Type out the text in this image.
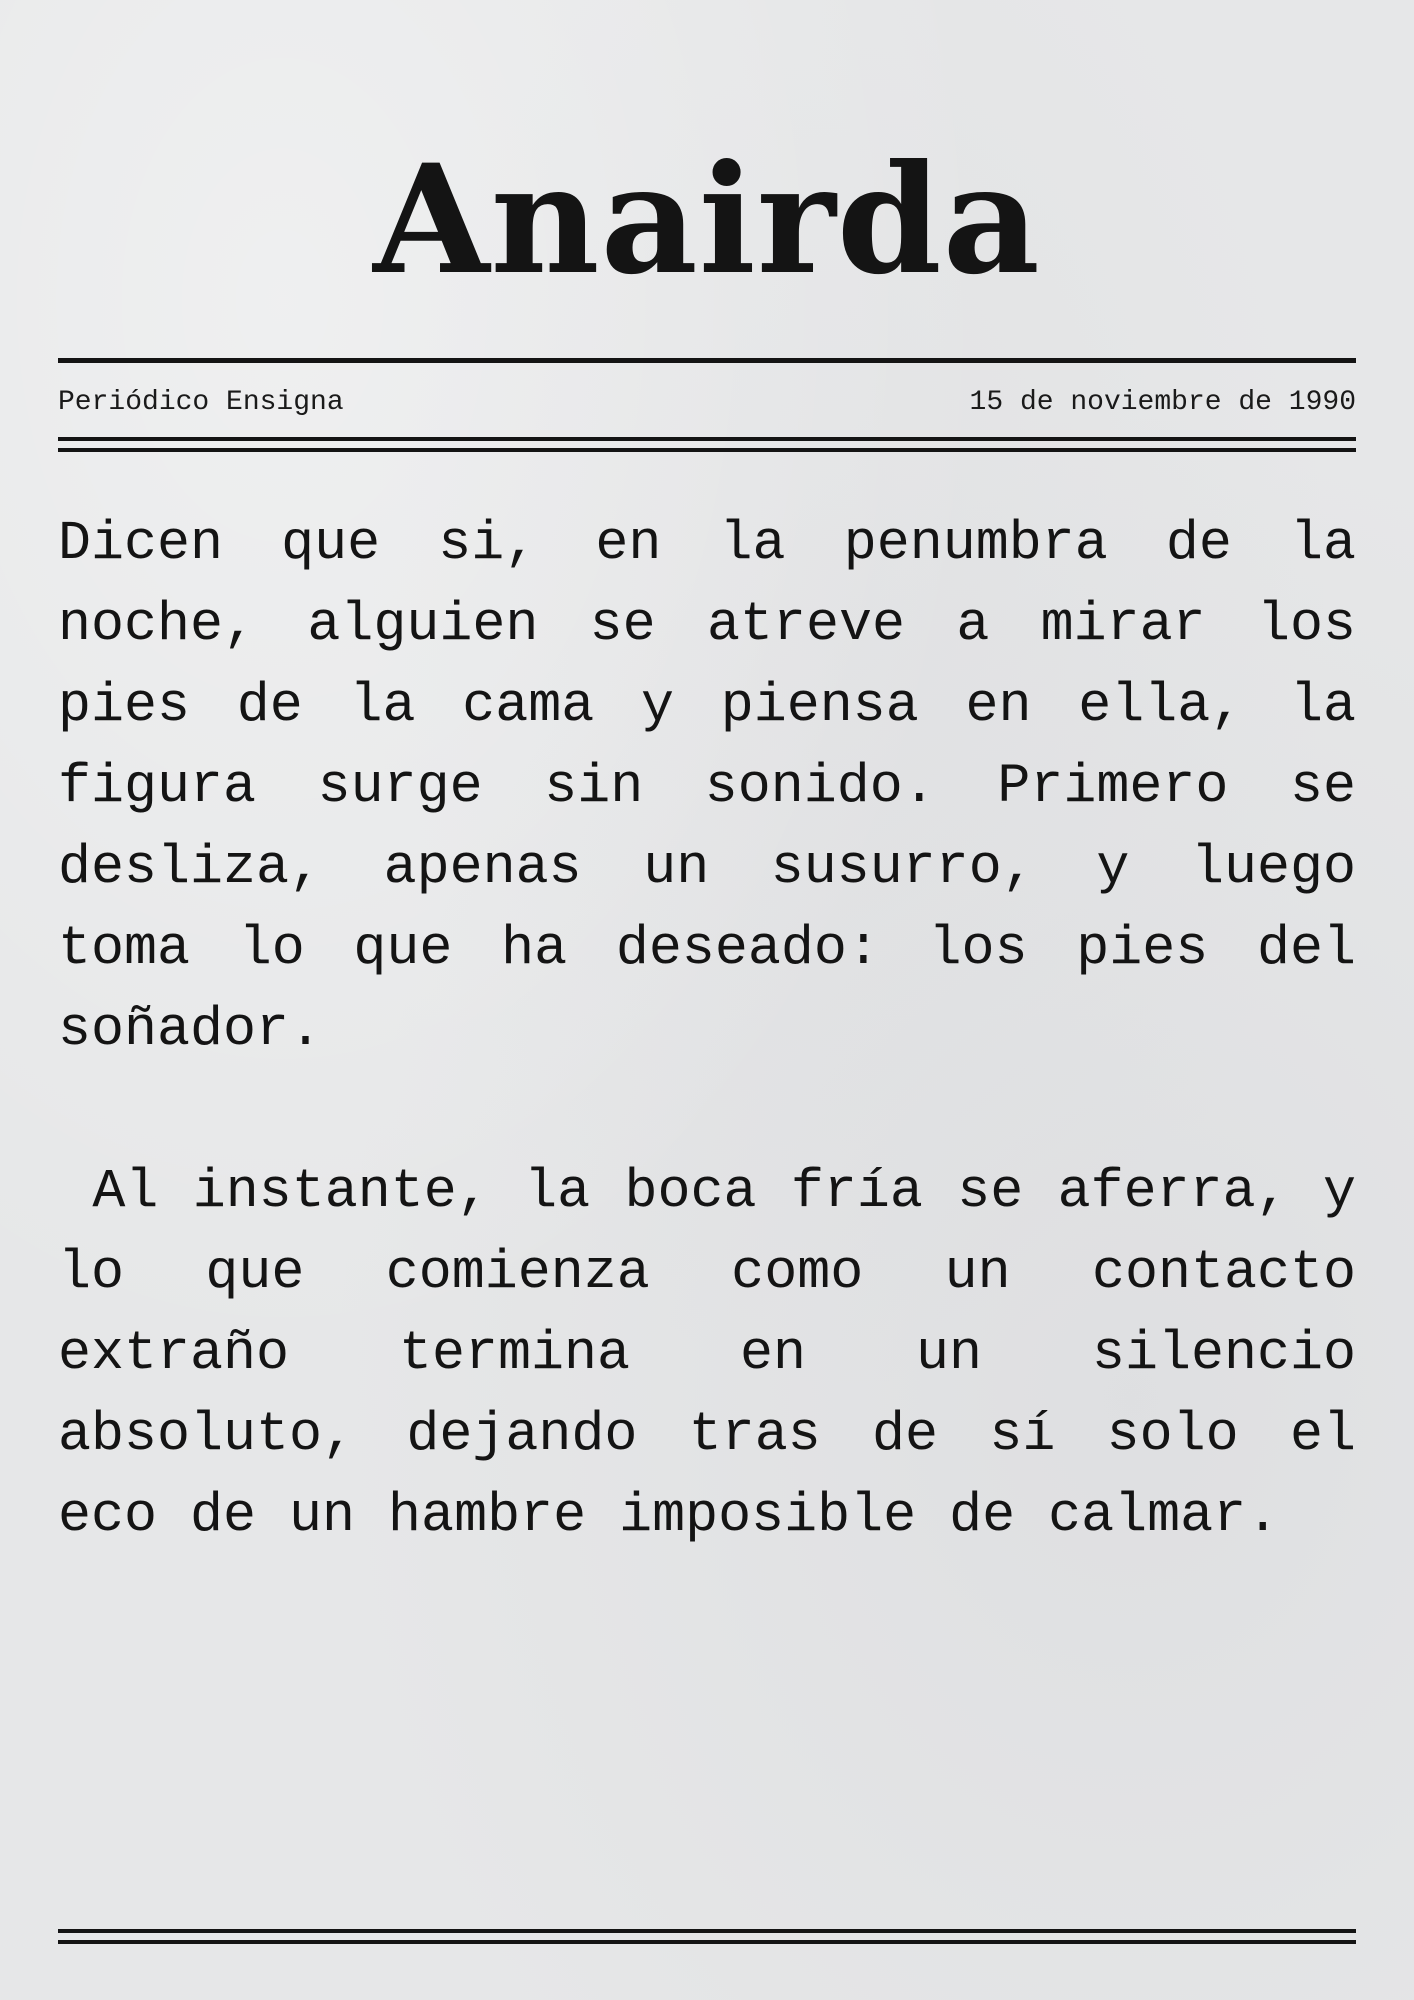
Anairda
Periódico Ensigna	15 de noviembre de 1990

Dicen que si, en la penumbra de la noche, alguien se atreve a mirar los pies de la cama y piensa en ella, la figura surge sin sonido. Primero se desliza, apenas un susurro, y luego toma lo que ha deseado: los pies del soñador.

Al instante, la boca fría se aferra, y lo que comienza como un contacto extraño termina en un silencio absoluto, dejando tras de sí solo el eco de un hambre imposible de calmar.
